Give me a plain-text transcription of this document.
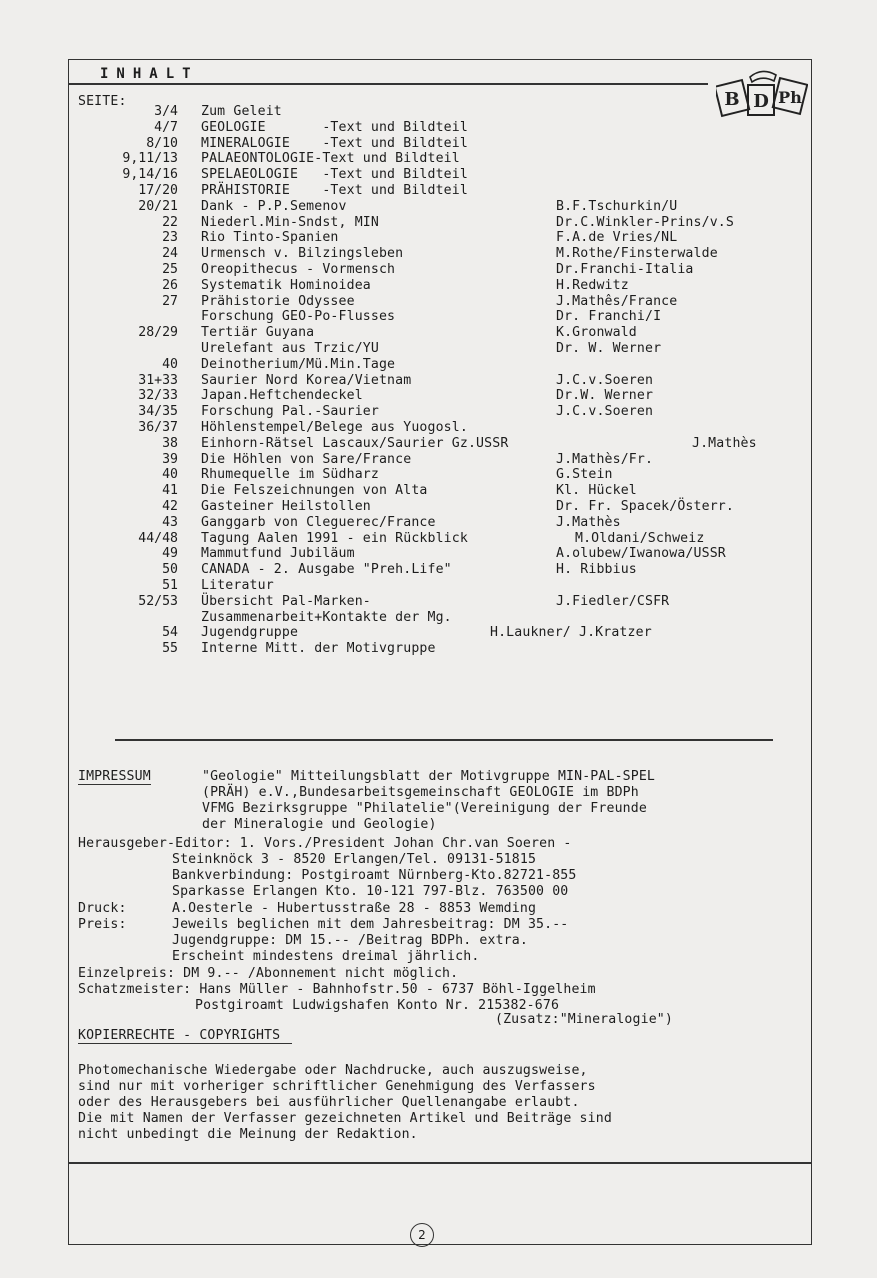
INHALT
B D Ph
SEITE:
3/4 Zum Geleit
4/7 GEOLOGIE       -Text und Bildteil
8/10 MINERALOGIE    -Text und Bildteil
9,11/13 PALAEONTOLOGIE-Text und Bildteil
9,14/16 SPELAEOLOGIE   -Text und Bildteil
17/20 PRÄHISTORIE    -Text und Bildteil
20/21 Dank - P.P.Semenov	B.F.Tschurkin/U
22 Niederl.Min-Sndst, MIN	Dr.C.Winkler-Prins/v.S
23 Rio Tinto-Spanien	F.A.de Vries/NL
24 Urmensch v. Bilzingsleben	M.Rothe/Finsterwalde
25 Oreopithecus - Vormensch	Dr.Franchi-Italia
26 Systematik Hominoidea	H.Redwitz
27 Prähistorie Odyssee	J.Mathês/France
Forschung GEO-Po-Flusses	Dr. Franchi/I
28/29 Tertiär Guyana	K.Gronwald
Urelefant aus Trzic/YU	Dr. W. Werner
40 Deinotherium/Mü.Min.Tage
31+33 Saurier Nord Korea/Vietnam	J.C.v.Soeren
32/33 Japan.Heftchendeckel	Dr.W. Werner
34/35 Forschung Pal.-Saurier	J.C.v.Soeren
36/37 Höhlenstempel/Belege aus Yuogosl.
38 Einhorn-Rätsel Lascaux/Saurier Gz.USSR	J.Mathès
39 Die Höhlen von Sare/France	J.Mathès/Fr.
40 Rhumequelle im Südharz	G.Stein
41 Die Felszeichnungen von Alta	Kl. Hückel
42 Gasteiner Heilstollen	Dr. Fr. Spacek/Österr.
43 Ganggarb von Cleguerec/France	J.Mathès
44/48 Tagung Aalen 1991 - ein Rückblick	M.Oldani/Schweiz
49 Mammutfund Jubiläum	A.olubew/Iwanowa/USSR
50 CANADA - 2. Ausgabe "Preh.Life"	H. Ribbius
51 Literatur
52/53 Übersicht Pal-Marken-	J.Fiedler/CSFR
Zusammenarbeit+Kontakte der Mg.
54 Jugendgruppe	H.Laukner/ J.Kratzer
55 Interne Mitt. der Motivgruppe
IMPRESSUM	"Geologie" Mitteilungsblatt der Motivgruppe MIN-PAL-SPEL
(PRÄH) e.V.,Bundesarbeitsgemeinschaft GEOLOGIE im BDPh
VFMG Bezirksgruppe "Philatelie"(Vereinigung der Freunde
der Mineralogie und Geologie)
Herausgeber-Editor: 1. Vors./President Johan Chr.van Soeren -
Steinknöck 3 - 8520 Erlangen/Tel. 09131-51815
Bankverbindung: Postgiroamt Nürnberg-Kto.82721-855
Sparkasse Erlangen Kto. 10-121 797-Blz. 763500 00
Druck:	A.Oesterle - Hubertusstraße 28 - 8853 Wemding
Preis:	Jeweils beglichen mit dem Jahresbeitrag: DM 35.--
Jugendgruppe: DM 15.-- /Beitrag BDPh. extra.
Erscheint mindestens dreimal jährlich.
Einzelpreis: DM 9.-- /Abonnement nicht möglich.
Schatzmeister: Hans Müller - Bahnhofstr.50 - 6737 Böhl-Iggelheim
Postgiroamt Ludwigshafen Konto Nr. 215382-676
(Zusatz:"Mineralogie")
KOPIERRECHTE - COPYRIGHTS
Photomechanische Wiedergabe oder Nachdrucke, auch auszugsweise,
sind nur mit vorheriger schriftlicher Genehmigung des Verfassers
oder des Herausgebers bei ausführlicher Quellenangabe erlaubt.
Die mit Namen der Verfasser gezeichneten Artikel und Beiträge sind
nicht unbedingt die Meinung der Redaktion.
2
